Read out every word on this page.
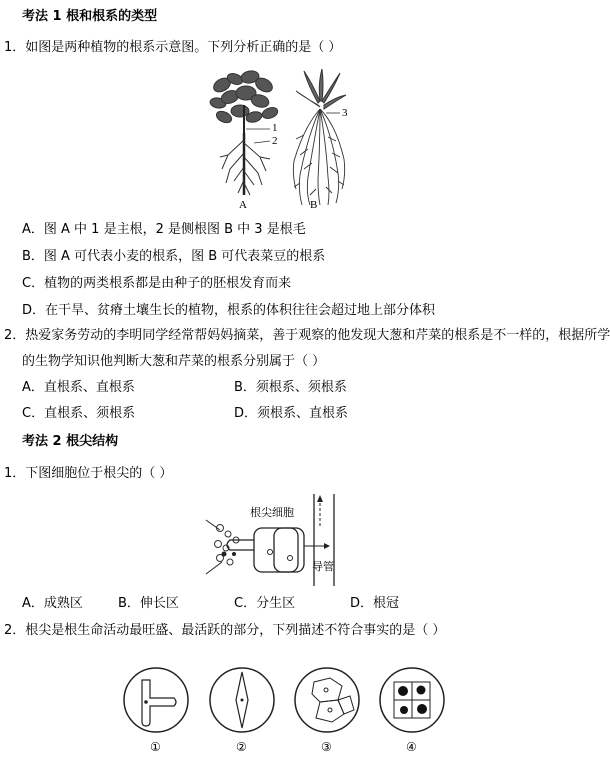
考法 1 根和根系的类型
1．如图是两种植物的根系示意图。下列分析正确的是（ ）
1
2
3
A	B
A．图 A 中 1 是主根，2 是侧根图 B 中 3 是根毛
B．图 A 可代表小麦的根系，图 B 可代表菜豆的根系
C．植物的两类根系都是由种子的胚根发育而来
D．在干旱、贫瘠土壤生长的植物，根系的体积往往会超过地上部分体积
2．热爱家务劳动的李明同学经常帮妈妈摘菜，善于观察的他发现大葱和芹菜的根系是不一样的，根据所学
的生物学知识他判断大葱和芹菜的根系分别属于（ ）
A．直根系、直根系	B．须根系、须根系
C．直根系、须根系	D．须根系、直根系
考法 2 根尖结构
1．下图细胞位于根尖的（ ）
根尖细胞
导管
A．成熟区	B．伸长区	C．分生区	D．根冠
2．根尖是根生命活动最旺盛、最活跃的部分，下列描述不符合事实的是（ ）
①	②	③	④
